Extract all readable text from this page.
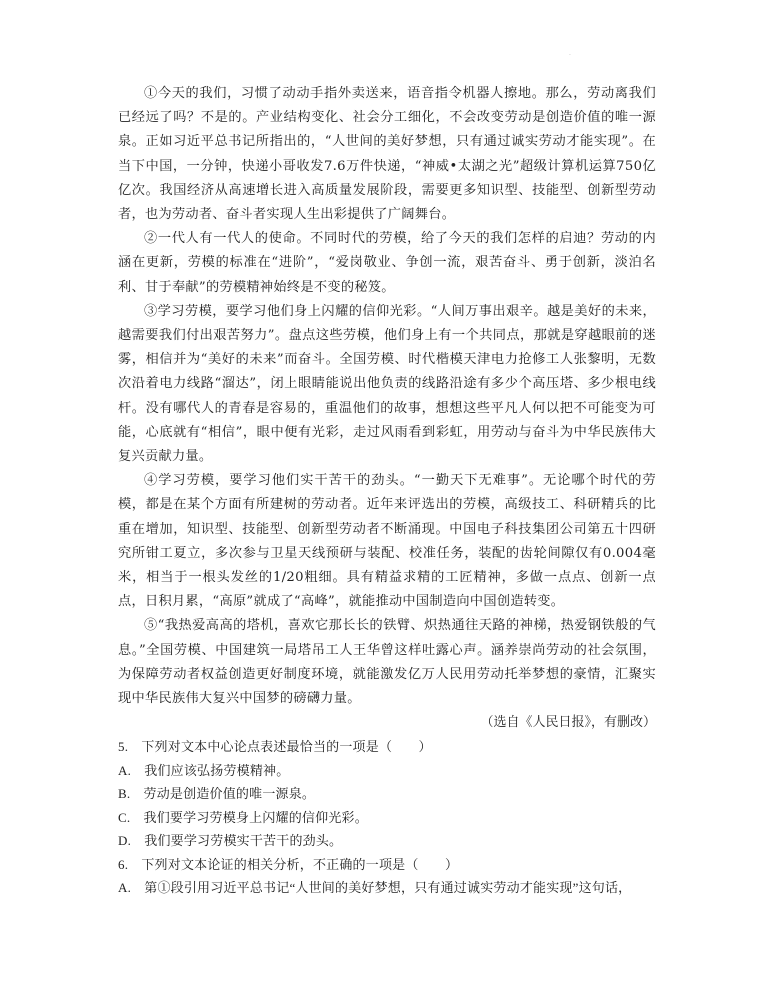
·

①今天的我们，习惯了动动手指外卖送来，语音指令机器人擦地。那么，劳动离我们已经远了吗？不是的。产业结构变化、社会分工细化，不会改变劳动是创造价值的唯一源泉。正如习近平总书记所指出的，“人世间的美好梦想，只有通过诚实劳动才能实现”。在当下中国，一分钟，快递小哥收发7.6万件快递，“神威•太湖之光”超级计算机运算750亿亿次。我国经济从高速增长进入高质量发展阶段，需要更多知识型、技能型、创新型劳动者，也为劳动者、奋斗者实现人生出彩提供了广阔舞台。

②一代人有一代人的使命。不同时代的劳模，给了今天的我们怎样的启迪？劳动的内涵在更新，劳模的标准在“进阶”，“爱岗敬业、争创一流，艰苦奋斗、勇于创新，淡泊名利、甘于奉献”的劳模精神始终是不变的秘笈。

③学习劳模，要学习他们身上闪耀的信仰光彩。“人间万事出艰辛。越是美好的未来，越需要我们付出艰苦努力”。盘点这些劳模，他们身上有一个共同点，那就是穿越眼前的迷雾，相信并为“美好的未来”而奋斗。全国劳模、时代楷模天津电力抢修工人张黎明，无数次沿着电力线路“溜达”，闭上眼睛能说出他负责的线路沿途有多少个高压塔、多少根电线杆。没有哪代人的青春是容易的，重温他们的故事，想想这些平凡人何以把不可能变为可能，心底就有“相信”，眼中便有光彩，走过风雨看到彩虹，用劳动与奋斗为中华民族伟大复兴贡献力量。

④学习劳模，要学习他们实干苦干的劲头。“一勤天下无难事”。无论哪个时代的劳模，都是在某个方面有所建树的劳动者。近年来评选出的劳模，高级技工、科研精兵的比重在增加，知识型、技能型、创新型劳动者不断涌现。中国电子科技集团公司第五十四研究所钳工夏立，多次参与卫星天线预研与装配、校准任务，装配的齿轮间隙仅有0.004毫米，相当于一根头发丝的1/20粗细。具有精益求精的工匠精神，多做一点点、创新一点点，日积月累，“高原”就成了“高峰”，就能推动中国制造向中国创造转变。

⑤“我热爱高高的塔机，喜欢它那长长的铁臂、炽热通往天路的神梯，热爱钢铁般的气息。”全国劳模、中国建筑一局塔吊工人王华曾这样吐露心声。涵养崇尚劳动的社会氛围，为保障劳动者权益创造更好制度环境，就能激发亿万人民用劳动托举梦想的豪情，汇聚实现中华民族伟大复兴中国梦的磅礴力量。

（选自《人民日报》，有删改）

5.　下列对文本中心论点表述最恰当的一项是（　　）

A.　我们应该弘扬劳模精神。

B.　劳动是创造价值的唯一源泉。

C.　我们要学习劳模身上闪耀的信仰光彩。

D.　我们要学习劳模实干苦干的劲头。

6.　下列对文本论证的相关分析，不正确的一项是（　　）

A.　第①段引用习近平总书记“人世间的美好梦想，只有通过诚实劳动才能实现”这句话，
